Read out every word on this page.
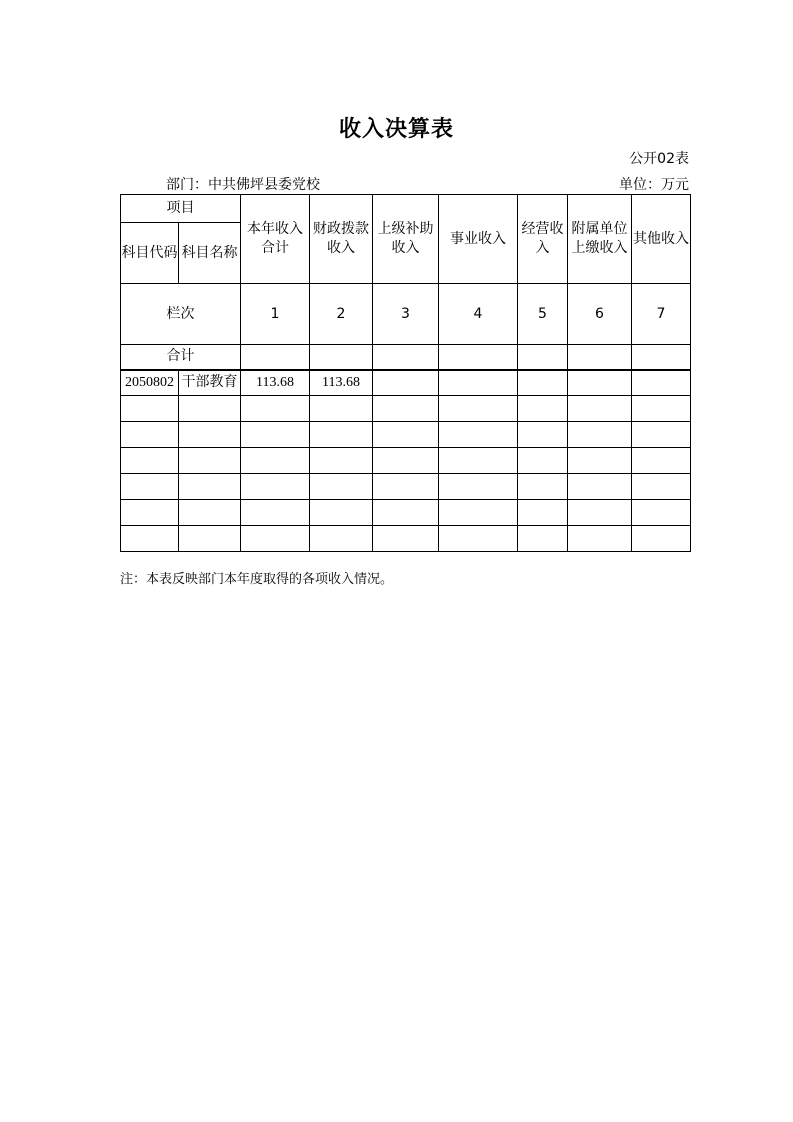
收入决算表
公开02表
部门：中共佛坪县委党校	单位：万元
项目		本年收入合计	财政拨款收入	上级补助收入	事业收入	经营收入	附属单位上缴收入	其他收入
科目代码	科目名称							
栏次		1	2	3	4	5	6	7
合计								
2050802	干部教育	113.68	113.68					

注：本表反映部门本年度取得的各项收入情况。
